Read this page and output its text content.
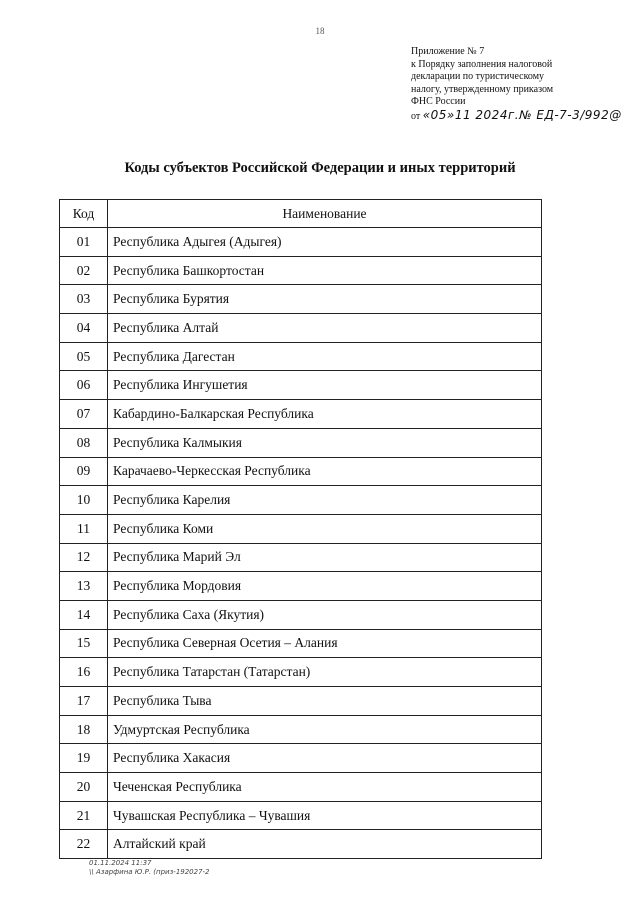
18
Приложение № 7
к Порядку заполнения налоговой
декларации по туристическому
налогу, утвержденному приказом
ФНС России
от «05»11 2024г.№ ЕД-7-3/992@
Коды субъектов Российской Федерации и иных территорий
Код	Наименование
01	Республика Адыгея (Адыгея)
02	Республика Башкортостан
03	Республика Бурятия
04	Республика Алтай
05	Республика Дагестан
06	Республика Ингушетия
07	Кабардино-Балкарская Республика
08	Республика Калмыкия
09	Карачаево-Черкесская Республика
10	Республика Карелия
11	Республика Коми
12	Республика Марий Эл
13	Республика Мордовия
14	Республика Саха (Якутия)
15	Республика Северная Осетия – Алания
16	Республика Татарстан (Татарстан)
17	Республика Тыва
18	Удмуртская Республика
19	Республика Хакасия
20	Чеченская Республика
21	Чувашская Республика – Чувашия
22	Алтайский край
01.11.2024 11:37
\\ Азарфина Ю.Р. (приз-192027-2
